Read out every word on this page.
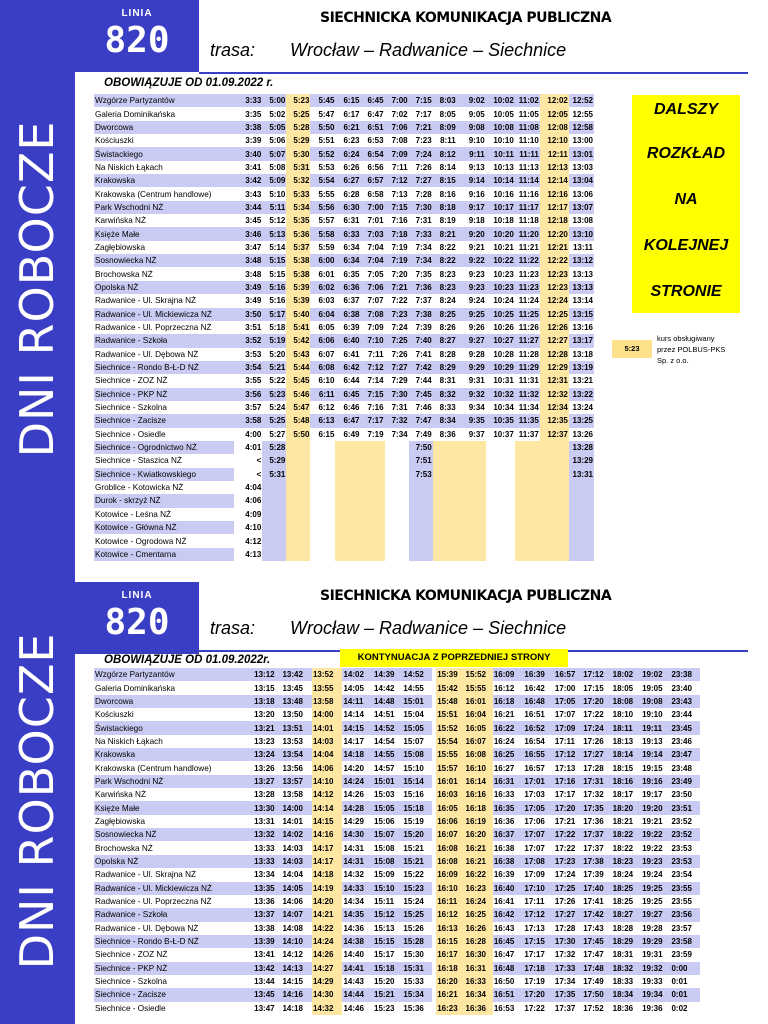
DNI ROBOCZE
LINIA
820
SIECHNICKA KOMUNIKACJA PUBLICZNA
trasa: Wrocław – Radwanice – Siechnice
OBOWIĄZUJE OD 01.09.2022 r.
Wzgórze Partyzantów	3:33	5:00	5:23	5:45	6:15	6:45	7:00	7:15	8:03	9:02	10:02	11:02	12:02	12:52
Galeria Dominikańska	3:35	5:02	5:25	5:47	6:17	6:47	7:02	7:17	8:05	9:05	10:05	11:05	12:05	12:55
Dworcowa	3:38	5:05	5:28	5:50	6:21	6:51	7:06	7:21	8:09	9:08	10:08	11:08	12:08	12:58
Kościuszki	3:39	5:06	5:29	5:51	6:23	6:53	7:08	7:23	8:11	9:10	10:10	11:10	12:10	13:00
Świstackiego	3:40	5:07	5:30	5:52	6:24	6:54	7:09	7:24	8:12	9:11	10:11	11:11	12:11	13:01
Na Niskich Łąkach	3:41	5:08	5:31	5:53	6:26	6:56	7:11	7:26	8:14	9:13	10:13	11:13	12:13	13:03
Krakowska	3:42	5:09	5:32	5:54	6:27	6:57	7:12	7:27	8:15	9:14	10:14	11:14	12:14	13:04
Krakowska (Centrum handlowe)	3:43	5:10	5:33	5:55	6:28	6:58	7:13	7:28	8:16	9:16	10:16	11:16	12:16	13:06
Park Wschodni NŻ	3:44	5:11	5:34	5:56	6:30	7:00	7:15	7:30	8:18	9:17	10:17	11:17	12:17	13:07
Karwińska NŻ	3:45	5:12	5:35	5:57	6:31	7:01	7:16	7:31	8:19	9:18	10:18	11:18	12:18	13:08
Księże Małe	3:46	5:13	5:36	5:58	6:33	7:03	7:18	7:33	8:21	9:20	10:20	11:20	12:20	13:10
Zagłębiowska	3:47	5:14	5:37	5:59	6:34	7:04	7:19	7:34	8:22	9:21	10:21	11:21	12:21	13:11
Sosnowiecka NŻ	3:48	5:15	5:38	6:00	6:34	7:04	7:19	7:34	8:22	9:22	10:22	11:22	12:22	13:12
Brochowska NŻ	3:48	5:15	5:38	6:01	6:35	7:05	7:20	7:35	8:23	9:23	10:23	11:23	12:23	13:13
Opolska NŻ	3:49	5:16	5:39	6:02	6:36	7:06	7:21	7:36	8:23	9:23	10:23	11:23	12:23	13:13
Radwanice - Ul. Skrajna NŻ	3:49	5:16	5:39	6:03	6:37	7:07	7:22	7:37	8:24	9:24	10:24	11:24	12:24	13:14
Radwanice - Ul. Mickiewicza NŻ	3:50	5:17	5:40	6:04	6:38	7:08	7:23	7:38	8:25	9:25	10:25	11:25	12:25	13:15
Radwanice - Ul. Poprzeczna NŻ	3:51	5:18	5:41	6:05	6:39	7:09	7:24	7:39	8:26	9:26	10:26	11:26	12:26	13:16
Radwanice - Szkoła	3:52	5:19	5:42	6:06	6:40	7:10	7:25	7:40	8:27	9:27	10:27	11:27	12:27	13:17
Radwanice - Ul. Dębowa NŻ	3:53	5:20	5:43	6:07	6:41	7:11	7:26	7:41	8:28	9:28	10:28	11:28	12:28	13:18
Siechnice - Rondo B-Ł-D NŻ	3:54	5:21	5:44	6:08	6:42	7:12	7:27	7:42	8:29	9:29	10:29	11:29	12:29	13:19
Siechnice - ZOZ NŻ	3:55	5:22	5:45	6:10	6:44	7:14	7:29	7:44	8:31	9:31	10:31	11:31	12:31	13:21
Siechnice - PKP NŻ	3:56	5:23	5:46	6:11	6:45	7:15	7:30	7:45	8:32	9:32	10:32	11:32	12:32	13:22
Siechnice - Szkolna	3:57	5:24	5:47	6:12	6:46	7:16	7:31	7:46	8:33	9:34	10:34	11:34	12:34	13:24
Siechnice - Zacisze	3:58	5:25	5:48	6:13	6:47	7:17	7:32	7:47	8:34	9:35	10:35	11:35	12:35	13:25
Siechnice - Osiedle	4:00	5:27	5:50	6:15	6:49	7:19	7:34	7:49	8:36	9:37	10:37	11:37	12:37	13:26
Siechnice - Ogrodnictwo NŻ	4:01	5:28						7:50						13:28
Siechnice - Staszica NŻ	<	5:29						7:51						13:29
Siechnice - Kwiatkowskiego	<	5:31						7:53						13:31
Groblice - Kotowicka NŻ	4:04													
Durok - skrzyż NŻ	4:06													
Kotowice - Leśna NŻ	4:09													
Kotowice - Główna NŻ	4:10													
Kotowice - Ogrodowa NŻ	4:12													
Kotowice - Cmentarna	4:13													
DALSZY
ROZKŁAD
NA
KOLEJNEJ
STRONIE
5:23
kurs obsługiwany
przez POLBUS-PKS
Sp. z o.o.
DNI ROBOCZE
LINIA
820
SIECHNICKA KOMUNIKACJA PUBLICZNA
trasa: Wrocław – Radwanice – Siechnice
OBOWIĄZUJE OD 01.09.2022r.	KONTYNUACJA Z POPRZEDNIEJ STRONY
Wzgórze Partyzantów	13:12	13:42	13:52	14:02	14:39	14:52		15:39	15:52	16:09	16:39	16:57	17:12	18:02	19:02	23:38
Galeria Dominikańska	13:15	13:45	13:55	14:05	14:42	14:55		15:42	15:55	16:12	16:42	17:00	17:15	18:05	19:05	23:40
Dworcowa	13:18	13:48	13:58	14:11	14:48	15:01		15:48	16:01	16:18	16:48	17:05	17:20	18:08	19:08	23:43
Kościuszki	13:20	13:50	14:00	14:14	14:51	15:04		15:51	16:04	16:21	16:51	17:07	17:22	18:10	19:10	23:44
Świstackiego	13:21	13:51	14:01	14:15	14:52	15:05		15:52	16:05	16:22	16:52	17:09	17:24	18:11	19:11	23:45
Na Niskich Łąkach	13:23	13:53	14:03	14:17	14:54	15:07		15:54	16:07	16:24	16:54	17:11	17:26	18:13	19:13	23:46
Krakowska	13:24	13:54	14:04	14:18	14:55	15:08		15:55	16:08	16:25	16:55	17:12	17:27	18:14	19:14	23:47
Krakowska (Centrum handlowe)	13:26	13:56	14:06	14:20	14:57	15:10		15:57	16:10	16:27	16:57	17:13	17:28	18:15	19:15	23:48
Park Wschodni NŻ	13:27	13:57	14:10	14:24	15:01	15:14		16:01	16:14	16:31	17:01	17:16	17:31	18:16	19:16	23:49
Karwińska NŻ	13:28	13:58	14:12	14:26	15:03	15:16		16:03	16:16	16:33	17:03	17:17	17:32	18:17	19:17	23:50
Księże Małe	13:30	14:00	14:14	14:28	15:05	15:18		16:05	16:18	16:35	17:05	17:20	17:35	18:20	19:20	23:51
Zagłębiowska	13:31	14:01	14:15	14:29	15:06	15:19		16:06	16:19	16:36	17:06	17:21	17:36	18:21	19:21	23:52
Sosnowiecka NŻ	13:32	14:02	14:16	14:30	15:07	15:20		16:07	16:20	16:37	17:07	17:22	17:37	18:22	19:22	23:52
Brochowska NŻ	13:33	14:03	14:17	14:31	15:08	15:21		16:08	16:21	16:38	17:07	17:22	17:37	18:22	19:22	23:53
Opolska NŻ	13:33	14:03	14:17	14:31	15:08	15:21		16:08	16:21	16:38	17:08	17:23	17:38	18:23	19:23	23:53
Radwanice - Ul. Skrajna NŻ	13:34	14:04	14:18	14:32	15:09	15:22		16:09	16:22	16:39	17:09	17:24	17:39	18:24	19:24	23:54
Radwanice - Ul. Mickiewicza NŻ	13:35	14:05	14:19	14:33	15:10	15:23		16:10	16:23	16:40	17:10	17:25	17:40	18:25	19:25	23:55
Radwanice - Ul. Poprzeczna NŻ	13:36	14:06	14:20	14:34	15:11	15:24		16:11	16:24	16:41	17:11	17:26	17:41	18:25	19:25	23:55
Radwanice - Szkoła	13:37	14:07	14:21	14:35	15:12	15:25		16:12	16:25	16:42	17:12	17:27	17:42	18:27	19:27	23:56
Radwanice - Ul. Dębowa NŻ	13:38	14:08	14:22	14:36	15:13	15:26		16:13	16:26	16:43	17:13	17:28	17:43	18:28	19:28	23:57
Siechnice - Rondo B-Ł-D NŻ	13:39	14:10	14:24	14:38	15:15	15:28		16:15	16:28	16:45	17:15	17:30	17:45	18:29	19:29	23:58
Siechnice - ZOZ NŻ	13:41	14:12	14:26	14:40	15:17	15:30		16:17	16:30	16:47	17:17	17:32	17:47	18:31	19:31	23:59
Siechnice - PKP NŻ	13:42	14:13	14:27	14:41	15:18	15:31		16:18	16:31	16:48	17:18	17:33	17:48	18:32	19:32	0:00
Siechnice - Szkolna	13:44	14:15	14:29	14:43	15:20	15:33		16:20	16:33	16:50	17:19	17:34	17:49	18:33	19:33	0:01
Siechnice - Zacisze	13:45	14:16	14:30	14:44	15:21	15:34		16:21	16:34	16:51	17:20	17:35	17:50	18:34	19:34	0:01
Siechnice - Osiedle	13:47	14:18	14:32	14:46	15:23	15:36		16:23	16:36	16:53	17:22	17:37	17:52	18:36	19:36	0:02
